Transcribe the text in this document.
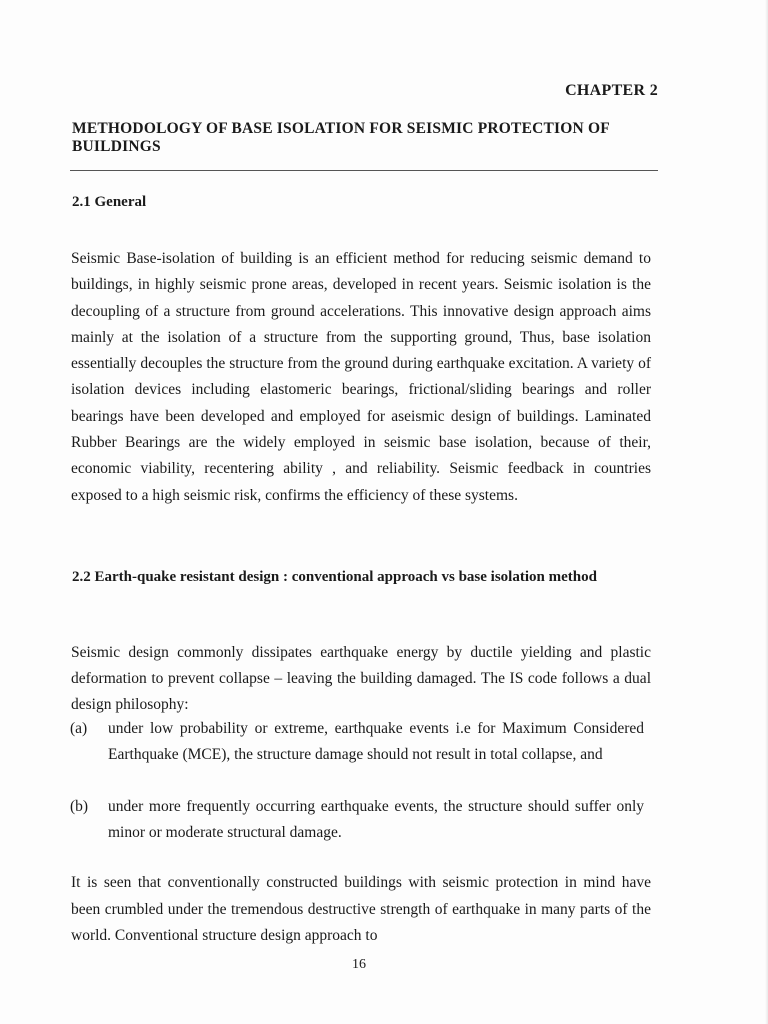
CHAPTER 2
METHODOLOGY OF BASE ISOLATION FOR SEISMIC PROTECTION OF BUILDINGS
2.1 General
Seismic Base-isolation of building is an efficient method for reducing seismic demand to buildings, in highly seismic prone areas, developed in recent years. Seismic isolation is the decoupling of a structure from ground accelerations. This innovative design approach aims mainly at the isolation of a structure from the supporting ground, Thus, base isolation essentially decouples the structure from the ground during earthquake excitation. A variety of isolation devices including elastomeric bearings, frictional/sliding bearings and roller bearings have been developed and employed for aseismic design of buildings. Laminated Rubber Bearings are the widely employed in seismic base isolation, because of their, economic viability, recentering ability , and reliability. Seismic feedback in countries exposed to a high seismic risk, confirms the efficiency of these systems.
2.2 Earth-quake resistant design : conventional approach vs base isolation method
Seismic design commonly dissipates earthquake energy by ductile yielding and plastic deformation to prevent collapse – leaving the building damaged. The IS code follows a dual design philosophy:
(a)	under low probability or extreme, earthquake events i.e for Maximum Considered Earthquake (MCE), the structure damage should not result in total collapse, and
(b)	under more frequently occurring earthquake events, the structure should suffer only minor or moderate structural damage.
It is seen that conventionally constructed buildings with seismic protection in mind have been crumbled under the tremendous destructive strength of earthquake in many parts of the world. Conventional structure design approach to
16
